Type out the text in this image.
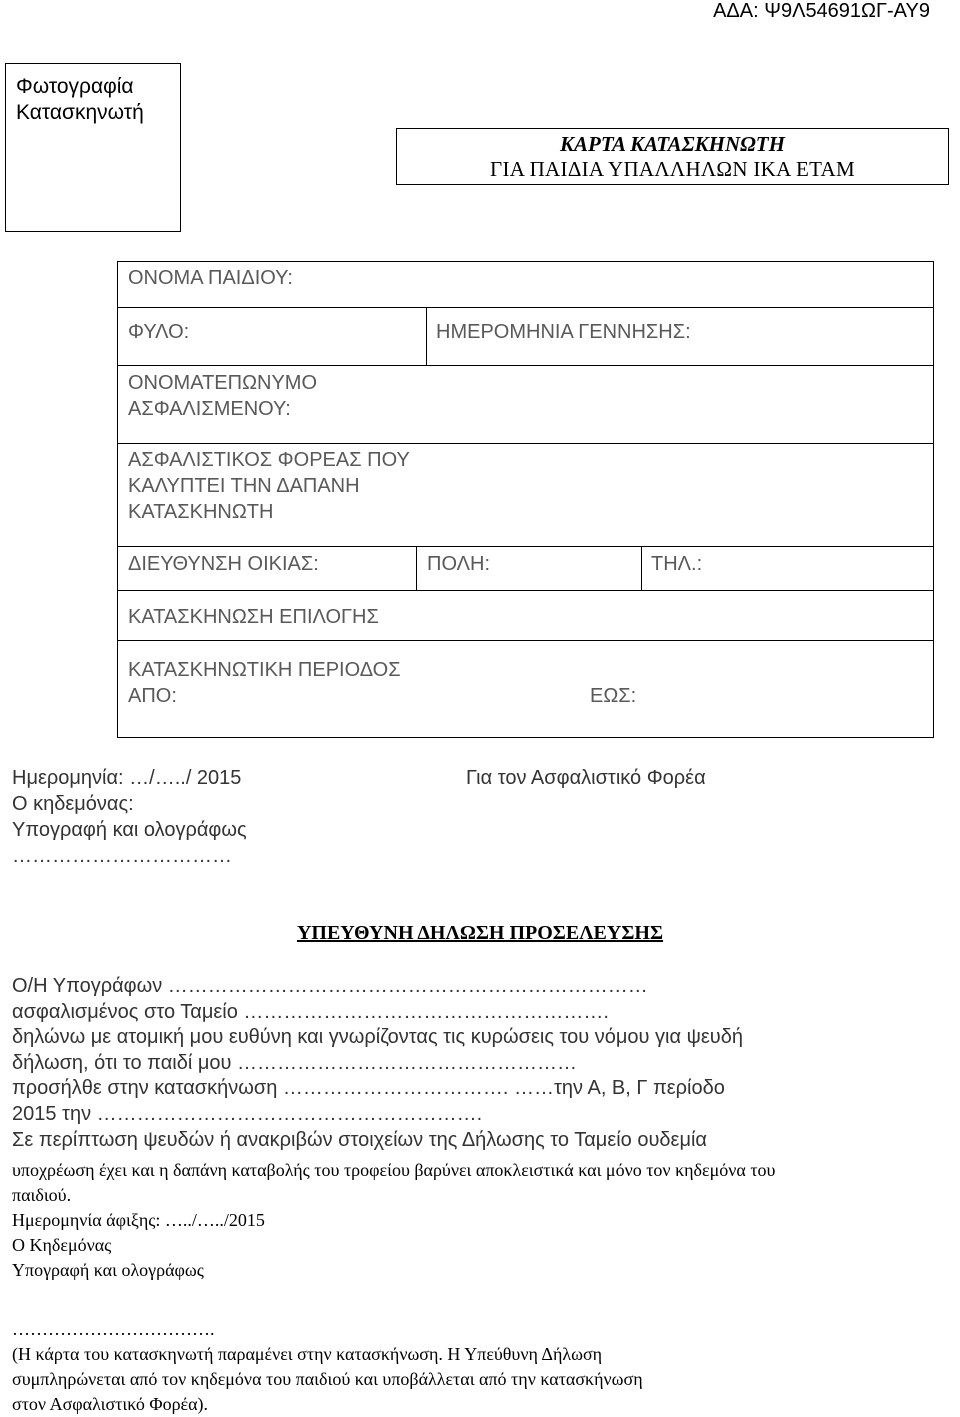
ΑΔΑ: Ψ9Λ54691ΩΓ-ΑΥ9
Φωτογραφία
Κατασκηνωτή
ΚΑΡΤΑ ΚΑΤΑΣΚΗΝΩΤΗ
ΓΙΑ ΠΑΙΔΙΑ ΥΠΑΛΛΗΛΩΝ ΙΚΑ ΕΤΑΜ
ΟΝΟΜΑ ΠΑΙΔΙΟΥ:
ΦΥΛΟ:	ΗΜΕΡΟΜΗΝΙΑ ΓΕΝΝΗΣΗΣ:
ΟΝΟΜΑΤΕΠΩΝΥΜΟ
ΑΣΦΑΛΙΣΜΕΝΟΥ:
ΑΣΦΑΛΙΣΤΙΚΟΣ ΦΟΡΕΑΣ ΠΟΥ
ΚΑΛΥΠΤΕΙ ΤΗΝ ΔΑΠΑΝΗ
ΚΑΤΑΣΚΗΝΩΤΗ
ΔΙΕΥΘΥΝΣΗ ΟΙΚΙΑΣ:	ΠΟΛΗ:	ΤΗΛ.:
ΚΑΤΑΣΚΗΝΩΣΗ ΕΠΙΛΟΓΗΣ
ΚΑΤΑΣΚΗΝΩΤΙΚΗ ΠΕΡΙΟΔΟΣ
ΑΠΟ:	ΕΩΣ:
Ημερομηνία: …/…../ 2015
Ο κηδεμόνας:
Υπογραφή και ολογράφως
……………………………
Για τον Ασφαλιστικό Φορέα
ΥΠΕΥΘΥΝΗ ΔΗΛΩΣΗ ΠΡΟΣΕΛΕΥΣΗΣ

Ο/Η Υπογράφων ………………………………………………………………

ασφαλισμένος στο Ταμείο ……………………………………………….

δηλώνω με ατομική μου ευθύνη και γνωρίζοντας τις κυρώσεις του νόμου για ψευδή

δήλωση, ότι το παιδί μου ……………………………………………

προσήλθε στην κατασκήνωση ……………………………. ……την Α, Β, Γ περίοδο

2015 την ………………………………………………….

Σε περίπτωση ψευδών ή ανακριβών στοιχείων της Δήλωσης το Ταμείο ουδεμία

υποχρέωση έχει και η δαπάνη καταβολής του τροφείου βαρύνει αποκλειστικά και μόνο τον κηδεμόνα του

παιδιού.

Ημερομηνία άφιξης: …../…../2015

Ο Κηδεμόνας

Υπογραφή και ολογράφως

…………………………….

(Η κάρτα του κατασκηνωτή παραμένει στην κατασκήνωση. Η Υπεύθυνη Δήλωση

συμπληρώνεται από τον κηδεμόνα του παιδιού και υποβάλλεται από την κατασκήνωση

στον Ασφαλιστικό Φορέα).
